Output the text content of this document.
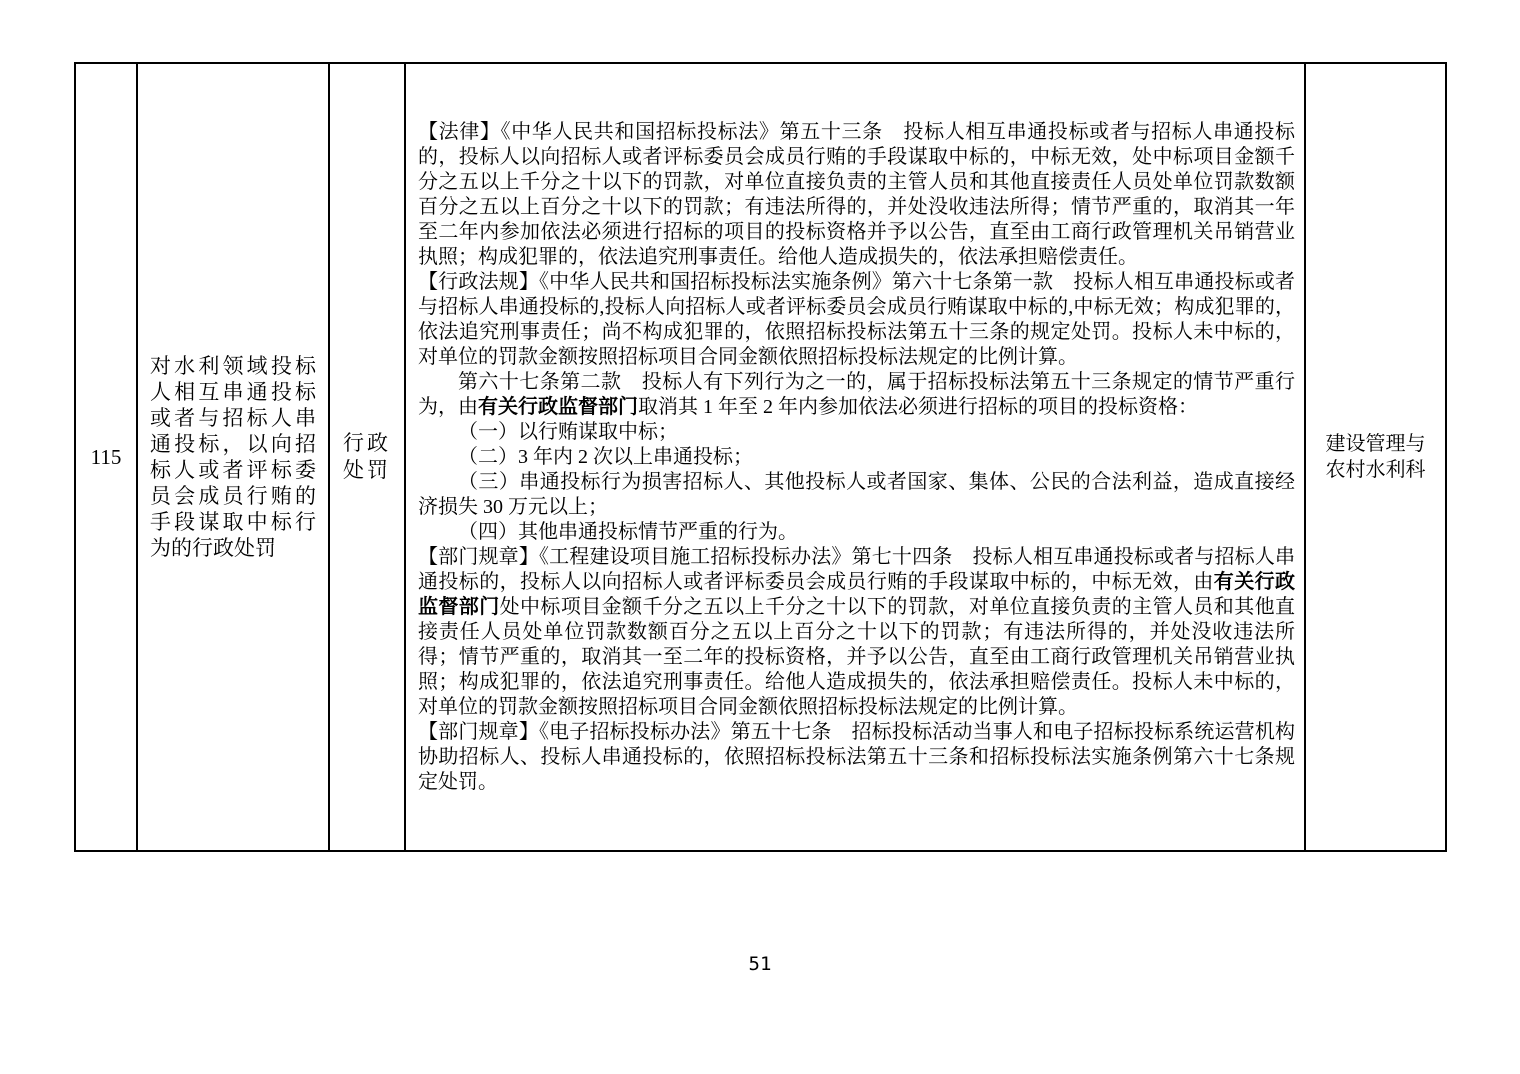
115
对水利领域投标人相互串通投标或者与招标人串通投标，以向招标人或者评标委员会成员行贿的手段谋取中标行为的行政处罚
行政
处罚
【法律】《中华人民共和国招标投标法》第五十三条　投标人相互串通投标或者与招标人串通投标的，投标人以向招标人或者评标委员会成员行贿的手段谋取中标的，中标无效，处中标项目金额千分之五以上千分之十以下的罚款，对单位直接负责的主管人员和其他直接责任人员处单位罚款数额百分之五以上百分之十以下的罚款；有违法所得的，并处没收违法所得；情节严重的，取消其一年至二年内参加依法必须进行招标的项目的投标资格并予以公告，直至由工商行政管理机关吊销营业执照；构成犯罪的，依法追究刑事责任。给他人造成损失的，依法承担赔偿责任。
【行政法规】《中华人民共和国招标投标法实施条例》第六十七条第一款　投标人相互串通投标或者与招标人串通投标的,投标人向招标人或者评标委员会成员行贿谋取中标的,中标无效；构成犯罪的，依法追究刑事责任；尚不构成犯罪的，依照招标投标法第五十三条的规定处罚。投标人未中标的，对单位的罚款金额按照招标项目合同金额依照招标投标法规定的比例计算。
第六十七条第二款　投标人有下列行为之一的，属于招标投标法第五十三条规定的情节严重行为，由有关行政监督部门取消其 1 年至 2 年内参加依法必须进行招标的项目的投标资格：
（一）以行贿谋取中标；
（二）3 年内 2 次以上串通投标；
（三）串通投标行为损害招标人、其他投标人或者国家、集体、公民的合法利益，造成直接经济损失 30 万元以上；
（四）其他串通投标情节严重的行为。
【部门规章】《工程建设项目施工招标投标办法》第七十四条　投标人相互串通投标或者与招标人串通投标的，投标人以向招标人或者评标委员会成员行贿的手段谋取中标的，中标无效，由有关行政监督部门处中标项目金额千分之五以上千分之十以下的罚款，对单位直接负责的主管人员和其他直接责任人员处单位罚款数额百分之五以上百分之十以下的罚款；有违法所得的，并处没收违法所得；情节严重的，取消其一至二年的投标资格，并予以公告，直至由工商行政管理机关吊销营业执照；构成犯罪的，依法追究刑事责任。给他人造成损失的，依法承担赔偿责任。投标人未中标的，对单位的罚款金额按照招标项目合同金额依照招标投标法规定的比例计算。
【部门规章】《电子招标投标办法》第五十七条　招标投标活动当事人和电子招标投标系统运营机构协助招标人、投标人串通投标的，依照招标投标法第五十三条和招标投标法实施条例第六十七条规定处罚。
建设管理与
农村水利科
51
